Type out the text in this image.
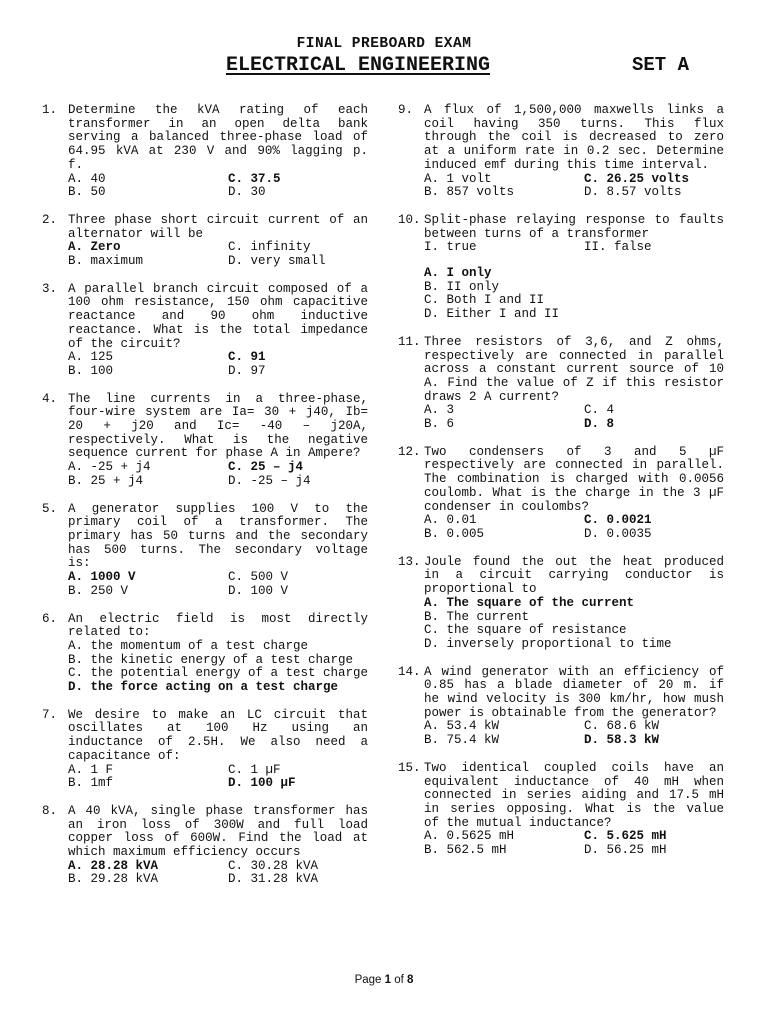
FINAL PREBOARD EXAM
ELECTRICAL ENGINEERING	SET A
1. Determine the kVA rating of each transformer in an open delta bank serving a balanced three-phase load of 64.95 kVA at 230 V and 90% lagging p. f.
A. 40	C. 37.5
B. 50	D. 30
2. Three phase short circuit current of an alternator will be
A. Zero	C. infinity
B. maximum	D. very small
3. A parallel branch circuit composed of a 100 ohm resistance, 150 ohm capacitive reactance and 90 ohm inductive reactance. What is the total impedance of the circuit?
A. 125	C. 91
B. 100	D. 97
4. The line currents in a three-phase, four-wire system are Ia= 30 + j40, Ib= 20 + j20 and Ic= -40 – j20A, respectively. What is the negative sequence current for phase A in Ampere?
A. -25 + j4	C. 25 – j4
B. 25 + j4	D. -25 – j4
5. A generator supplies 100 V to the primary coil of a transformer. The primary has 50 turns and the secondary has 500 turns. The secondary voltage is:
A. 1000 V	C. 500 V
B. 250 V	D. 100 V
6. An electric field is most directly related to:
A. the momentum of a test charge
B. the kinetic energy of a test charge
C. the potential energy of a test charge
D. the force acting on a test charge
7. We desire to make an LC circuit that oscillates at 100 Hz using an inductance of 2.5H. We also need a capacitance of:
A. 1 F	C. 1 µF
B. 1mf	D. 100 µF
8. A 40 kVA, single phase transformer has an iron loss of 300W and full load copper loss of 600W. Find the load at which maximum efficiency occurs
A. 28.28 kVA	C. 30.28 kVA
B. 29.28 kVA	D. 31.28 kVA
9. A flux of 1,500,000 maxwells links a coil having 350 turns. This flux through the coil is decreased to zero at a uniform rate in 0.2 sec. Determine induced emf during this time interval.
A. 1 volt	C. 26.25 volts
B. 857 volts	D. 8.57 volts
10. Split-phase relaying response to faults between turns of a transformer
I. true	II. false
A. I only
B. II only
C. Both I and II
D. Either I and II
11. Three resistors of 3,6, and Z ohms, respectively are connected in parallel across a constant current source of 10 A. Find the value of Z if this resistor draws 2 A current?
A. 3	C. 4
B. 6	D. 8
12. Two condensers of 3 and 5 µF respectively are connected in parallel. The combination is charged with 0.0056 coulomb. What is the charge in the 3 µF condenser in coulombs?
A. 0.01	C. 0.0021
B. 0.005	D. 0.0035
13. Joule found the out the heat produced in a circuit carrying conductor is proportional to
A. The square of the current
B. The current
C. the square of resistance
D. inversely proportional to time
14. A wind generator with an efficiency of 0.85 has a blade diameter of 20 m. if he wind velocity is 300 km/hr, how mush power is obtainable from the generator?
A. 53.4 kW	C. 68.6 kW
B. 75.4 kW	D. 58.3 kW
15. Two identical coupled coils have an equivalent inductance of 40 mH when connected in series aiding and 17.5 mH in series opposing. What is the value of the mutual inductance?
A. 0.5625 mH	C. 5.625 mH
B. 562.5 mH	D. 56.25 mH
Page 1 of 8
